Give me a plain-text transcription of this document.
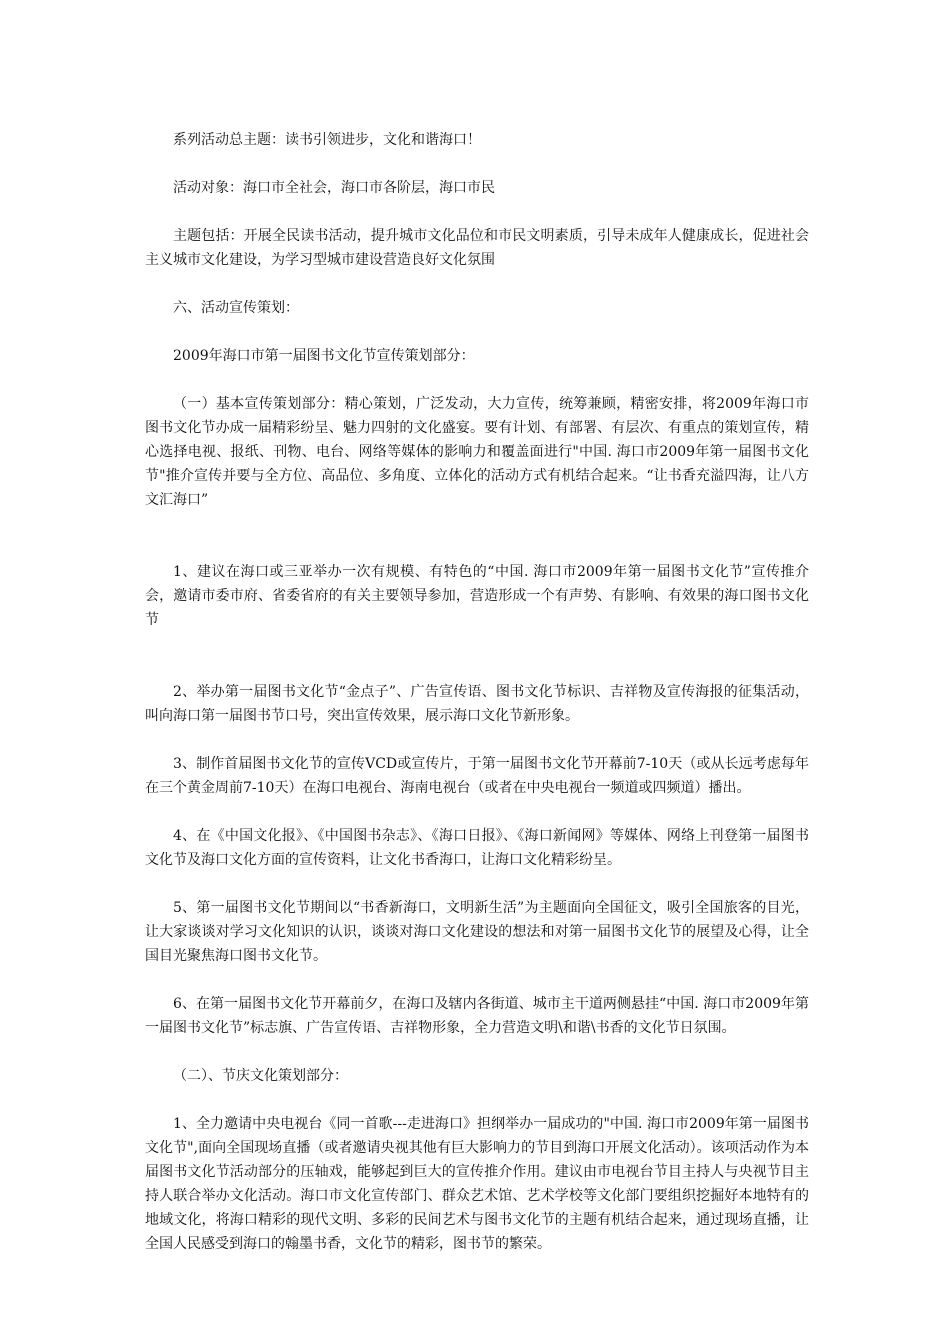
系列活动总主题：读书引领进步，文化和谐海口！

活动对象：海口市全社会，海口市各阶层，海口市民

主题包括：开展全民读书活动，提升城市文化品位和市民文明素质，引导未成年人健康成长，促进社会主义城市文化建设，为学习型城市建设营造良好文化氛围

六、活动宣传策划：

2009年海口市第一届图书文化节宣传策划部分：

（一）基本宣传策划部分：精心策划，广泛发动，大力宣传，统筹兼顾，精密安排，将2009年海口市图书文化节办成一届精彩纷呈、魅力四射的文化盛宴。要有计划、有部署、有层次、有重点的策划宣传，精心选择电视、报纸、刊物、电台、网络等媒体的影响力和覆盖面进行"中国. 海口市2009年第一届图书文化节"推介宣传并要与全方位、高品位、多角度、立体化的活动方式有机结合起来。“让书香充溢四海，让八方文汇海口”

1、建议在海口或三亚举办一次有规模、有特色的“中国. 海口市2009年第一届图书文化节”宣传推介会，邀请市委市府、省委省府的有关主要领导参加，营造形成一个有声势、有影响、有效果的海口图书文化节

2、举办第一届图书文化节“金点子”、广告宣传语、图书文化节标识、吉祥物及宣传海报的征集活动，叫向海口第一届图书节口号，突出宣传效果，展示海口文化节新形象。

3、制作首届图书文化节的宣传VCD或宣传片，于第一届图书文化节开幕前7-10天（或从长远考虑每年在三个黄金周前7-10天）在海口电视台、海南电视台（或者在中央电视台一频道或四频道）播出。

4、在《中国文化报》、《中国图书杂志》、《海口日报》、《海口新闻网》等媒体、网络上刊登第一届图书文化节及海口文化方面的宣传资料，让文化书香海口，让海口文化精彩纷呈。

5、第一届图书文化节期间以“书香新海口，文明新生活”为主题面向全国征文，吸引全国旅客的目光，让大家谈谈对学习文化知识的认识，谈谈对海口文化建设的想法和对第一届图书文化节的展望及心得，让全国目光聚焦海口图书文化节。

6、在第一届图书文化节开幕前夕，在海口及辖内各街道、城市主干道两侧悬挂“中国. 海口市2009年第一届图书文化节”标志旗、广告宣传语、吉祥物形象，全力营造文明\和谐\书香的文化节日氛围。

（二）、节庆文化策划部分：

1、全力邀请中央电视台《同一首歌---走进海口》担纲举办一届成功的"中国. 海口市2009年第一届图书文化节",面向全国现场直播（或者邀请央视其他有巨大影响力的节目到海口开展文化活动）。该项活动作为本届图书文化节活动部分的压轴戏，能够起到巨大的宣传推介作用。建议由市电视台节目主持人与央视节目主持人联合举办文化活动。海口市文化宣传部门、群众艺术馆、艺术学校等文化部门要组织挖掘好本地特有的地域文化，将海口精彩的现代文明、多彩的民间艺术与图书文化节的主题有机结合起来，通过现场直播，让全国人民感受到海口的翰墨书香，文化节的精彩，图书节的繁荣。
